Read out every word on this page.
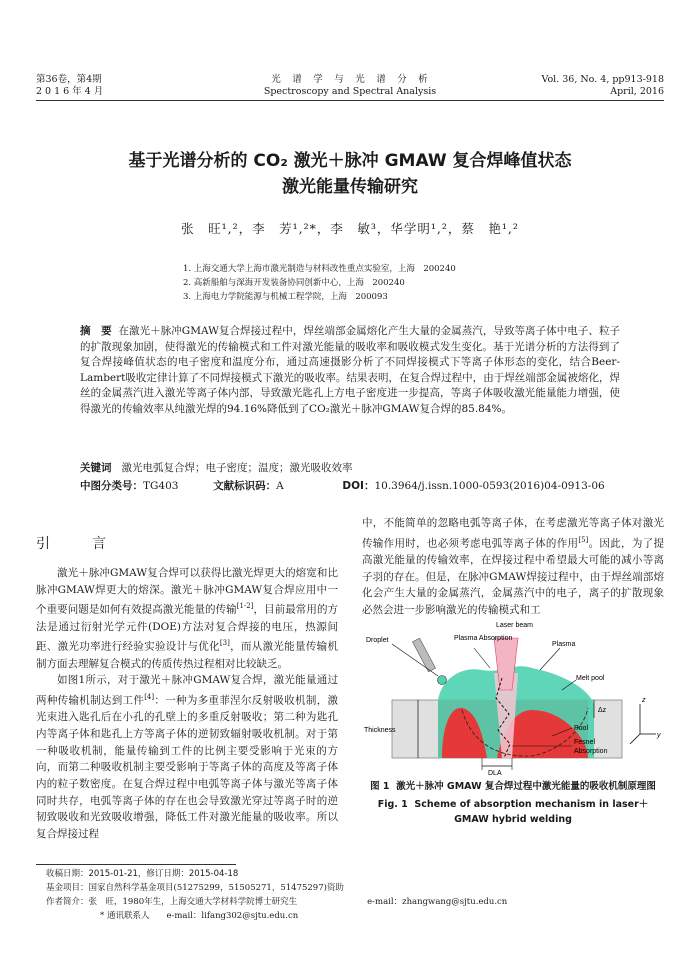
第36卷，第4期
2016年4月
光　谱　学　与　光　谱　分　析
Spectroscopy and Spectral Analysis
Vol. 36, No. 4, pp913-918
April, 2016
基于光谱分析的 CO₂ 激光＋脉冲 GMAW 复合焊峰值状态
激光能量传输研究
张　旺¹,²，李　芳¹,²*，李　敏³，华学明¹,²，蔡　艳¹,²
1. 上海交通大学上海市激光制造与材料改性重点实验室，上海　200240
2. 高新船舶与深海开发装备协同创新中心，上海　200240
3. 上海电力学院能源与机械工程学院，上海　200093
摘　要 在激光＋脉冲GMAW复合焊接过程中，焊丝端部金属熔化产生大量的金属蒸汽，导致等离子体中电子、粒子的扩散现象加剧，使得激光的传输模式和工件对激光能量的吸收率和吸收模式发生变化。基于光谱分析的方法得到了复合焊接峰值状态的电子密度和温度分布，通过高速摄影分析了不同焊接模式下等离子体形态的变化，结合Beer-Lambert吸收定律计算了不同焊接模式下激光的吸收率。结果表明，在复合焊过程中，由于焊丝端部金属被熔化，焊丝的金属蒸汽进入激光等离子体内部，导致激光匙孔上方电子密度进一步提高，等离子体吸收激光能量能力增强，使得激光的传输效率从纯激光焊的94.16%降低到了CO₂激光＋脉冲GMAW复合焊的85.84%。
关键词 激光电弧复合焊；电子密度；温度；激光吸收效率
中图分类号：TG403	文献标识码：A	DOI：10.3964/j.issn.1000-0593(2016)04-0913-06
引　言

激光＋脉冲GMAW复合焊可以获得比激光焊更大的熔宽和比脉冲GMAW焊更大的熔深。激光＋脉冲GMAW复合焊应用中一个重要问题是如何有效提高激光能量的传输[1-2]，目前最常用的方法是通过衍射光学元件(DOE)方法对复合焊接的电压，热源间距、激光功率进行经验实验设计与优化[3]，而从激光能量传输机制方面去理解复合模式的传质传热过程相对比较缺乏。

如图1所示，对于激光＋脉冲GMAW复合焊，激光能量通过两种传输机制达到工件[4]：一种为多重菲涅尔反射吸收机制，激光束进入匙孔后在小孔的孔壁上的多重反射吸收；第二种为匙孔内等离子体和匙孔上方等离子体的逆韧致辐射吸收机制。对于第一种吸收机制，能量传输到工件的比例主要受影响于光束的方向，而第二种吸收机制主要受影响于等离子体的高度及等离子体内的粒子数密度。在复合焊过程中电弧等离子体与激光等离子体同时共存，电弧等离子体的存在也会导致激光穿过等离子时的逆韧致吸收和光致吸收增强，降低工件对激光能量的吸收率。所以复合焊接过程

中，不能简单的忽略电弧等离子体，在考虑激光等离子体对激光传输作用时，也必须考虑电弧等离子体的作用[5]。因此，为了提高激光能量的传输效率，在焊接过程中希望最大可能的减小等离子羽的存在。但是，在脉冲GMAW焊接过程中，由于焊丝端部熔化会产生大量的金属蒸汽，金属蒸汽中的电子，离子的扩散现象必然会进一步影响激光的传输模式和工
Laser beam
Plasma Absorption
Plasma
Droplet
Melt pool
Thickness	Pool
Fesnel
Absorption
DLA
Δz
z
y
图 1 激光＋脉冲 GMAW 复合焊过程中激光能量的吸收机制原理图
Fig. 1 Scheme of absorption mechanism in laser＋GMAW hybrid welding
收稿日期：2015-01-21，修订日期：2015-04-18
基金项目：国家自然科学基金项目(51275299，51505271，51475297)资助
作者简介：张　旺，1980年生，上海交通大学材料学院博士研究生	e-mail：zhangwang@sjtu.edu.cn
* 通讯联系人　　e-mail：lifang302@sjtu.edu.cn
